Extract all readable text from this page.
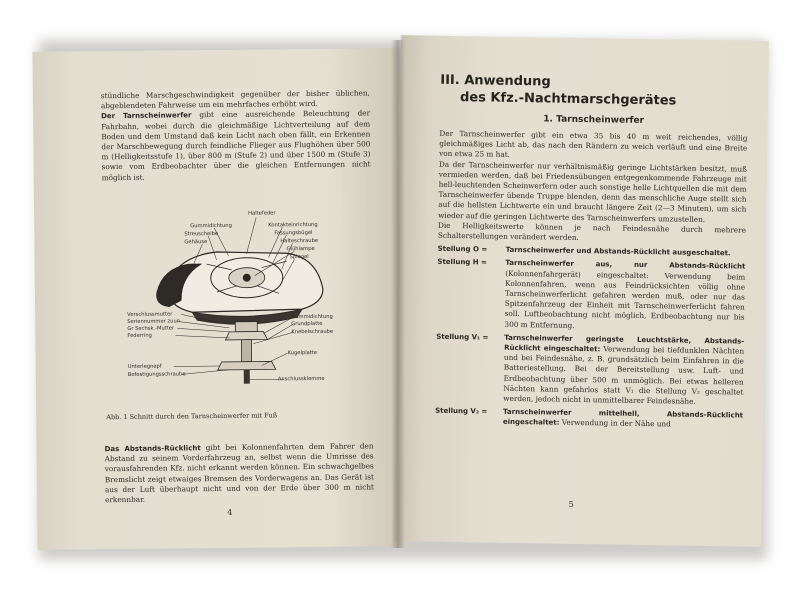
stündliche Marschgeschwindigkeit gegenüber der bisher üblichen, abgeblendeten Fahrweise um ein mehrfaches erhöht wird.

Der Tarnscheinwerfer gibt eine ausreichende Beleuchtung der Fahrbahn, wobei durch die gleichmäßige Lichtverteilung auf dem Boden und dem Umstand daß kein Licht nach oben fällt, ein Erkennen der Marschbewegung durch feindliche Flieger aus Flughöhen über 500 m (Helligkeitsstufe 1), über 800 m (Stufe 2) und über 1500 m (Stufe 3) sowie vom Erdbeobachter über die gleichen Entfernungen nicht möglich ist.

Haltefeder
Gummidichtung	Kontakteinrichtung
Streuscheibe	Fassungsbügel
Gehäuse	Halteschraube
Glühlampe
Spiegel
Verschlussmutter
Seriennummer zuun
Gr Sechsk.-Mutter
Federring
Gummidichtung
Grundplatte
Knebelschraube
Kugelplatte
Unterlegnapf
Befestigungsschraube
Anschlussklemme

Abb. 1 Schnitt durch den Tarnscheinwerfer mit Fuß

Das Abstands-Rücklicht gibt bei Kolonnenfahrten dem Fahrer den Abstand zu seinem Vorderfahrzeug an, selbst wenn die Umrisse des vorausfahrenden Kfz. nicht erkannt werden können. Ein schwachgelbes Bremslicht zeigt etwaiges Bremsen des Vorderwagens an. Das Gerät ist aus der Luft überhaupt nicht und von der Erde über 300 m nicht erkennbar.

4
III. Anwendung
des Kfz.-Nachtmarschgerätes
1. Tarnscheinwerfer

Der Tarnscheinwerfer gibt ein etwa 35 bis 40 m weit reichendes, völlig gleichmäßiges Licht ab, das nach den Rändern zu weich verläuft und eine Breite von etwa 25 m hat.

Da der Tarnscheinwerfer nur verhältnismäßig geringe Lichtstärken besitzt, muß vermieden werden, daß bei Friedensübungen entgegenkommende Fahrzeuge mit hell-leuchtenden Scheinwerfern oder auch sonstige helle Lichtquellen die mit dem Tarnscheinwerfer übende Truppe blenden, denn das menschliche Auge stellt sich auf die hellsten Lichtwerte ein und braucht längere Zeit (2—3 Minuten), um sich wieder auf die geringen Lichtwerte des Tarnscheinwerfers umzustellen.

Die Helligkeitswerte können je nach Feindesnähe durch mehrere Schalterstellungen verändert werden.

Stellung O =	Tarnscheinwerfer und Abstands-Rücklicht ausgeschaltet.

Stellung H =	Tarnscheinwerfer aus, nur Abstands-Rücklicht (Kolonnenfahrgerät) eingeschaltet: Verwendung beim Kolonnenfahren, wenn aus Feindrücksichten völlig ohne Tarnscheinwerferlicht gefahren werden muß, oder nur das Spitzenfahrzeug der Einheit mit Tarnscheinwerferlicht fahren soll. Luftbeobachtung nicht möglich, Erdbeobachtung nur bis 300 m Entfernung.

Stellung V₁ =	Tarnscheinwerfer geringste Leuchtstärke, Abstands-Rücklicht eingeschaltet: Verwendung bei tiefdunklen Nächten und bei Feindesnähe, z. B. grundsätzlich beim Einfahren in die Batteriestellung. Bei der Bereitstellung usw. Luft- und Erdbeobachtung über 500 m unmöglich. Bei etwas helleren Nächten kann gefahrlos statt V₁ die Stellung V₂ geschaltet werden, jedoch nicht in unmittelbarer Feindesnähe.

Stellung V₂ =	Tarnscheinwerfer mittelhell, Abstands-Rücklicht eingeschaltet: Verwendung in der Nähe und

5
